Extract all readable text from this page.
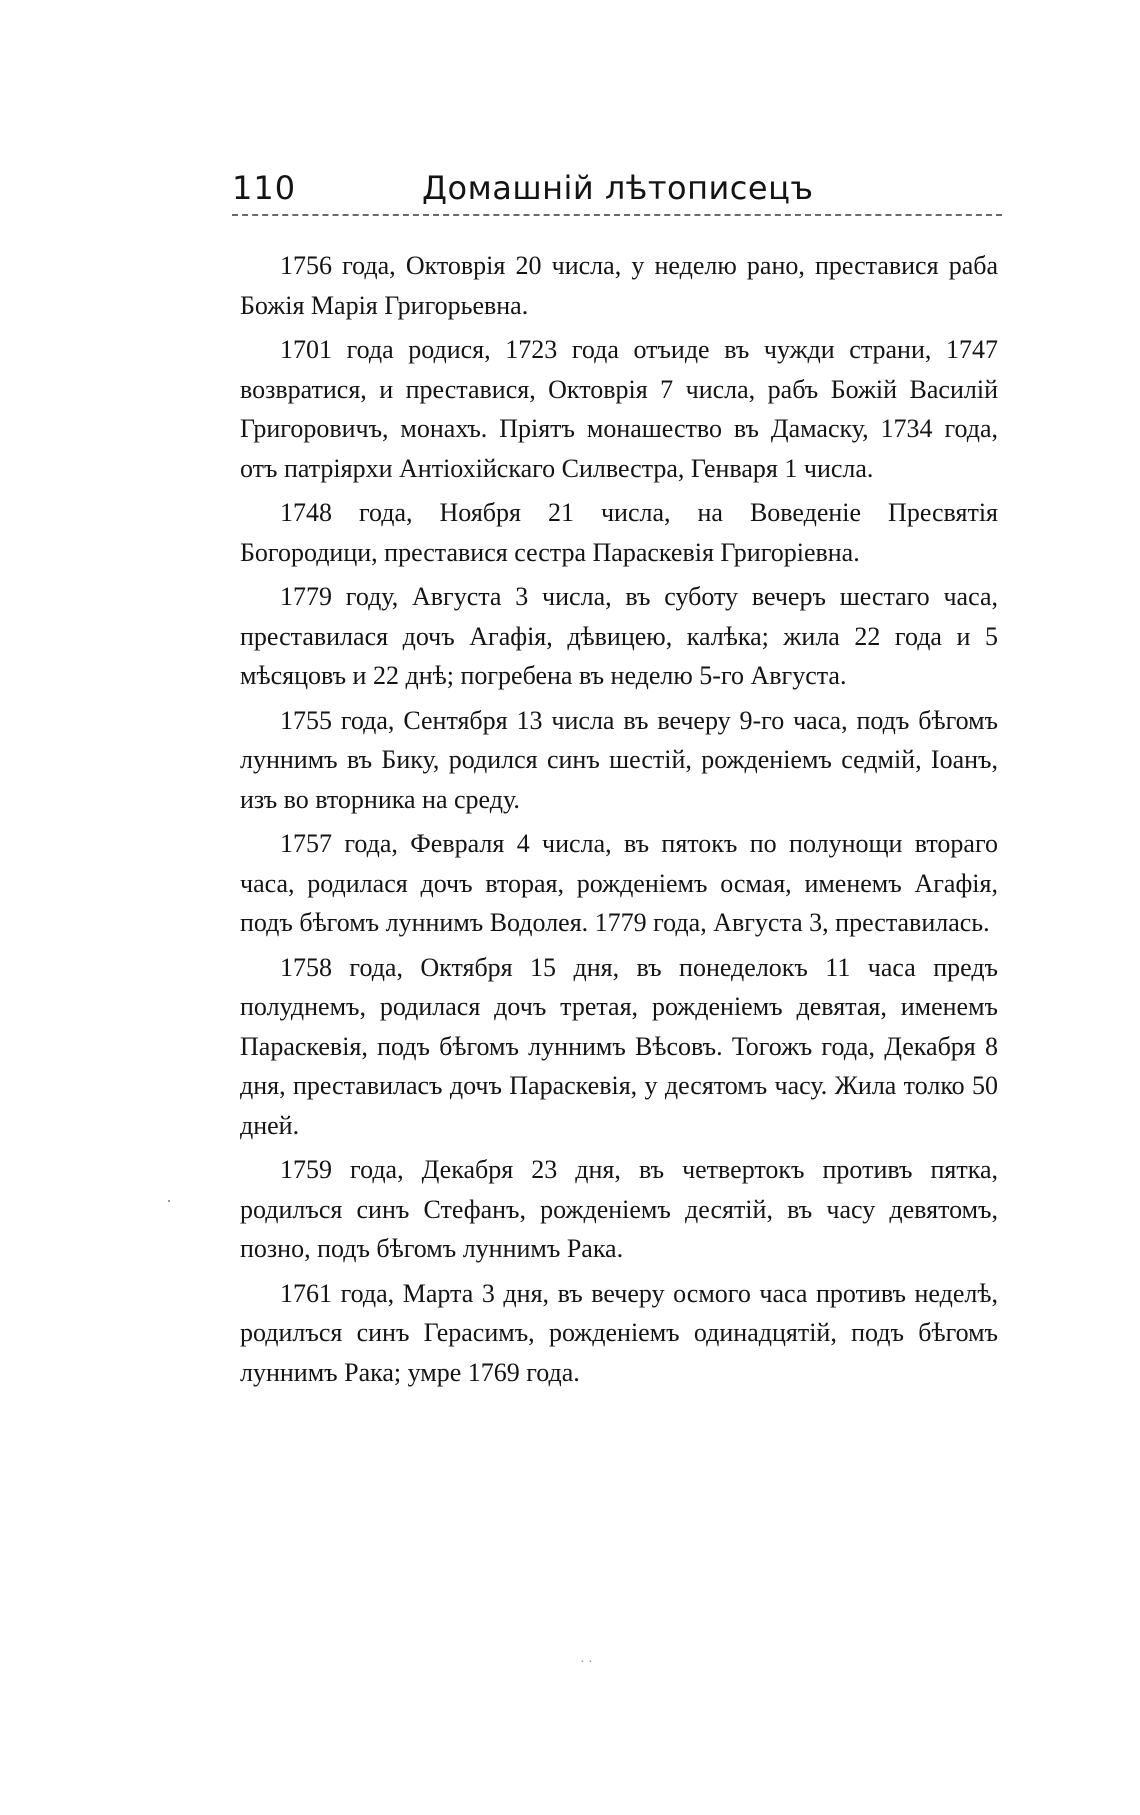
110	Домашній лѣтописецъ

1756 года, Октоврія 20 числа, у неделю рано, преставися раба Божія Марія Григорьевна.

1701 года родися, 1723 года отъиде въ чужди страни, 1747 возвратися, и преставися, Октоврія 7 числа, рабъ Божій Василій Григоровичъ, монахъ. Пріятъ монашество въ Дамаску, 1734 года, отъ патріярхи Антіохійскаго Силвестра, Генваря 1 числа.

1748 года, Ноября 21 числа, на Воведеніе Пресвятія Богородици, преставися сестра Параскевія Григоріевна.

1779 году, Августа 3 числа, въ суботу вечеръ шестаго часа, преставилася дочъ Агафія, дѣвицею, калѣка; жила 22 года и 5 мѣсяцовъ и 22 днѣ; погребена въ неделю 5-го Августа.

1755 года, Сентября 13 числа въ вечеру 9-го часа, подъ бѣгомъ луннимъ въ Бику, родился синъ шестій, рожденіемъ седмій, Іоанъ, изъ во вторника на среду.

1757 года, Февраля 4 числа, въ пятокъ по полунощи втораго часа, родилася дочъ вторая, рожденіемъ осмая, именемъ Агафія, подъ бѣгомъ луннимъ Водолея. 1779 года, Августа 3, преставилась.

1758 года, Октября 15 дня, въ понеделокъ 11 часа предъ полуднемъ, родилася дочъ третая, рожденіемъ девятая, именемъ Параскевія, подъ бѣгомъ луннимъ Вѣсовъ. Тогожъ года, Декабря 8 дня, преставиласъ дочъ Параскевія, у десятомъ часу. Жила толко 50 дней.

1759 года, Декабря 23 дня, въ четвертокъ противъ пятка, родилъся синъ Стефанъ, рожденіемъ десятій, въ часу девятомъ, позно, подъ бѣгомъ луннимъ Рака.

1761 года, Марта 3 дня, въ вечеру осмого часа противъ неделѣ, родилъся синъ Герасимъ, рожденіемъ одинадцятій, подъ бѣгомъ луннимъ Рака; умре 1769 года.

· ·
